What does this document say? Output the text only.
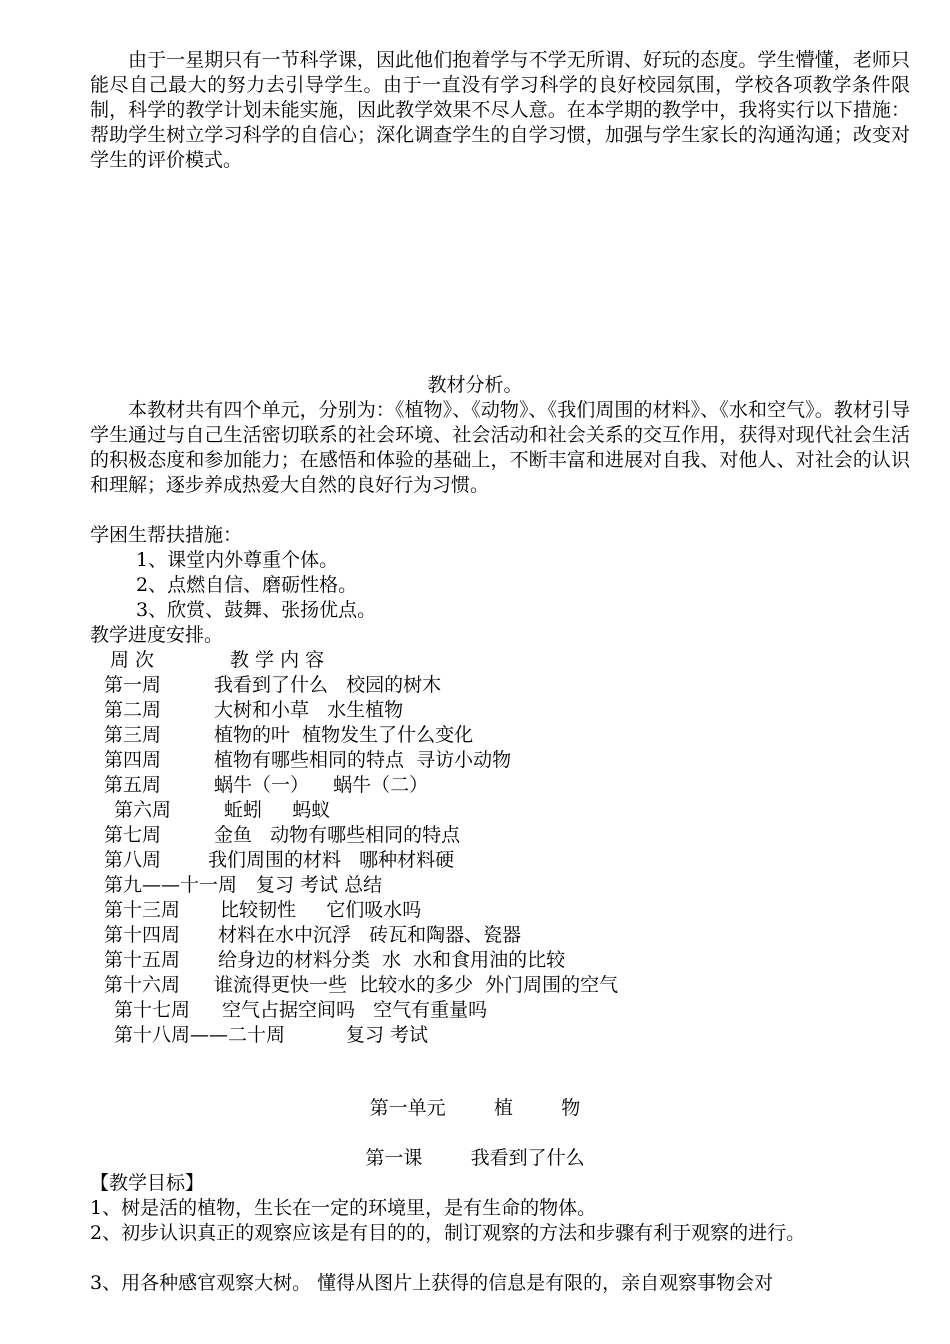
由于一星期只有一节科学课，因此他们抱着学与不学无所谓、好玩的态度。学生懵懂，老师只能尽自己最大的努力去引导学生。由于一直没有学习科学的良好校园氛围，学校各项教学条件限制，科学的教学计划未能实施，因此教学效果不尽人意。在本学期的教学中，我将实行以下措施：帮助学生树立学习科学的自信心；深化调查学生的自学习惯，加强与学生家长的沟通沟通；改变对学生的评价模式。

教材分析。

本教材共有四个单元，分别为：《植物》、《动物》、《我们周围的材料》、《水和空气》。教材引导学生通过与自己生活密切联系的社会环境、社会活动和社会关系的交互作用，获得对现代社会生活的积极态度和参加能力；在感悟和体验的基础上，不断丰富和进展对自我、对他人、对社会的认识和理解；逐步养成热爱大自然的良好行为习惯。

学困生帮扶措施：
1、课堂内外尊重个体。
2、点燃自信、磨砺性格。
3、欣赏、鼓舞、张扬优点。
教学进度安排。
周 次	教 学 内 容
第一周	我看到了什么   校园的树木
第二周	大树和小草   水生植物
第三周	植物的叶  植物发生了什么变化
第四周	植物有哪些相同的特点  寻访小动物
第五周	蜗牛（一）    蜗牛（二）
第六周	蚯蚓     蚂蚁
第七周	金鱼   动物有哪些相同的特点
第八周 我们周围的材料   哪种材料硬
第九——十一周 复习 考试 总结
第十三周 比较韧性     它们吸水吗
第十四周 材料在水中沉浮   砖瓦和陶器、瓷器
第十五周 给身边的材料分类  水  水和食用油的比较
第十六周 谁流得更快一些  比较水的多少  外门周围的空气
第十七周 空气占据空间吗   空气有重量吗
第十八周——二十周	复习 考试
第一单元        植        物
第一课        我看到了什么
【教学目标】

1、树是活的植物，生长在一定的环境里，是有生命的物体。

2、初步认识真正的观察应该是有目的的，制订观察的方法和步骤有利于观察的进行。

3、用各种感官观察大树。 懂得从图片上获得的信息是有限的，亲自观察事物会对
